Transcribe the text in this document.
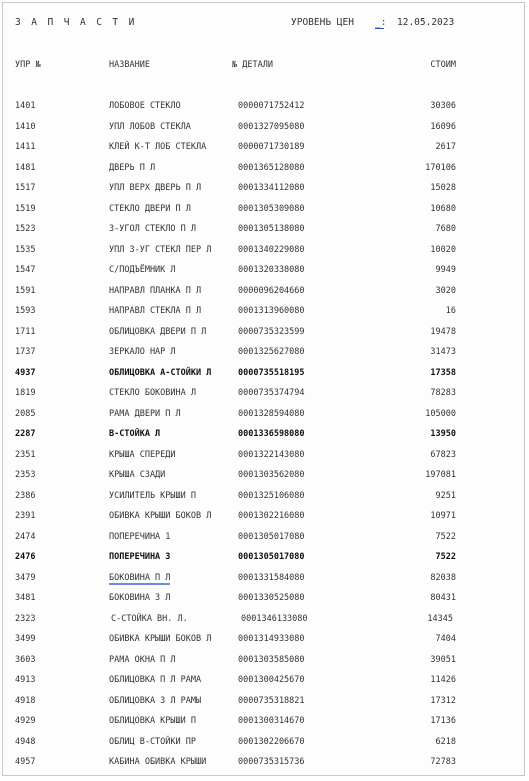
З А П Ч А С Т И	УРОВЕНЬ ЦЕН _: 12.05.2023
УПР №	НАЗВАНИЕ	№ ДЕТАЛИ	СТОИМ
1401	ЛОБОВОЕ СТЕКЛО	0000071752412	30306
1410	УПЛ ЛОБОВ СТЕКЛА	0001327095080	16096
1411	КЛЕЙ К-Т ЛОБ СТЕКЛА	0000071730189	2617
1481	ДВЕРЬ П Л	0001365128080	170106
1517	УПЛ ВЕРХ ДВЕРЬ П Л	0001334112080	15028
1519	СТЕКЛО ДВЕРИ П Л	0001305309080	10680
1523	3-УГОЛ СТЕКЛО П Л	0001305138080	7680
1535	УПЛ 3-УГ СТЕКЛ ПЕР Л	0001340229080	10020
1547	С/ПОДЪЁМНИК Л	0001320338080	9949
1591	НАПРАВЛ ПЛАНКА П Л	0000096204660	3020
1593	НАПРАВЛ СТЕКЛА П Л	0001313960080	16
1711	ОБЛИЦОВКА ДВЕРИ П Л	0000735323599	19478
1737	ЗЕРКАЛО НАР Л	0001325627080	31473
4937	ОБЛИЦОВКА А-СТОЙКИ Л	0000735518195	17358
1819	СТЕКЛО БОКОВИНА Л	0000735374794	78283
2085	РАМА ДВЕРИ П Л	0001328594080	105000
2287	В-СТОЙКА Л	0001336598080	13950
2351	КРЫША СПЕРЕДИ	0001322143080	67823
2353	КРЫША СЗАДИ	0001303562080	197081
2386	УСИЛИТЕЛЬ КРЫШИ П	0001325106080	9251
2391	ОБИВКА КРЫШИ БОКОВ Л	0001302216080	10971
2474	ПОПЕРЕЧИНА 1	0001305017080	7522
2476	ПОПЕРЕЧИНА 3	0001305017080	7522
3479	БОКОВИНА П Л	0001331584080	82038
3481	БОКОВИНА З Л	0001330525080	80431
2323	С-СТОЙКА ВН. Л.	0001346133080	14345
3499	ОБИВКА КРЫШИ БОКОВ Л	0001314933080	7404
3603	РАМА ОКНА П Л	0001303585080	39051
4913	ОБЛИЦОВКА П Л РАМА	0001300425670	11426
4918	ОБЛИЦОВКА З Л РАМЫ	0000735318821	17312
4929	ОБЛИЦОВКА КРЫШИ П	0001300314670	17136
4948	ОБЛИЦ В-СТОЙКИ ПР	0001302206670	6218
4957	КАБИНА ОБИВКА КРЫШИ	0000735315736	72783
